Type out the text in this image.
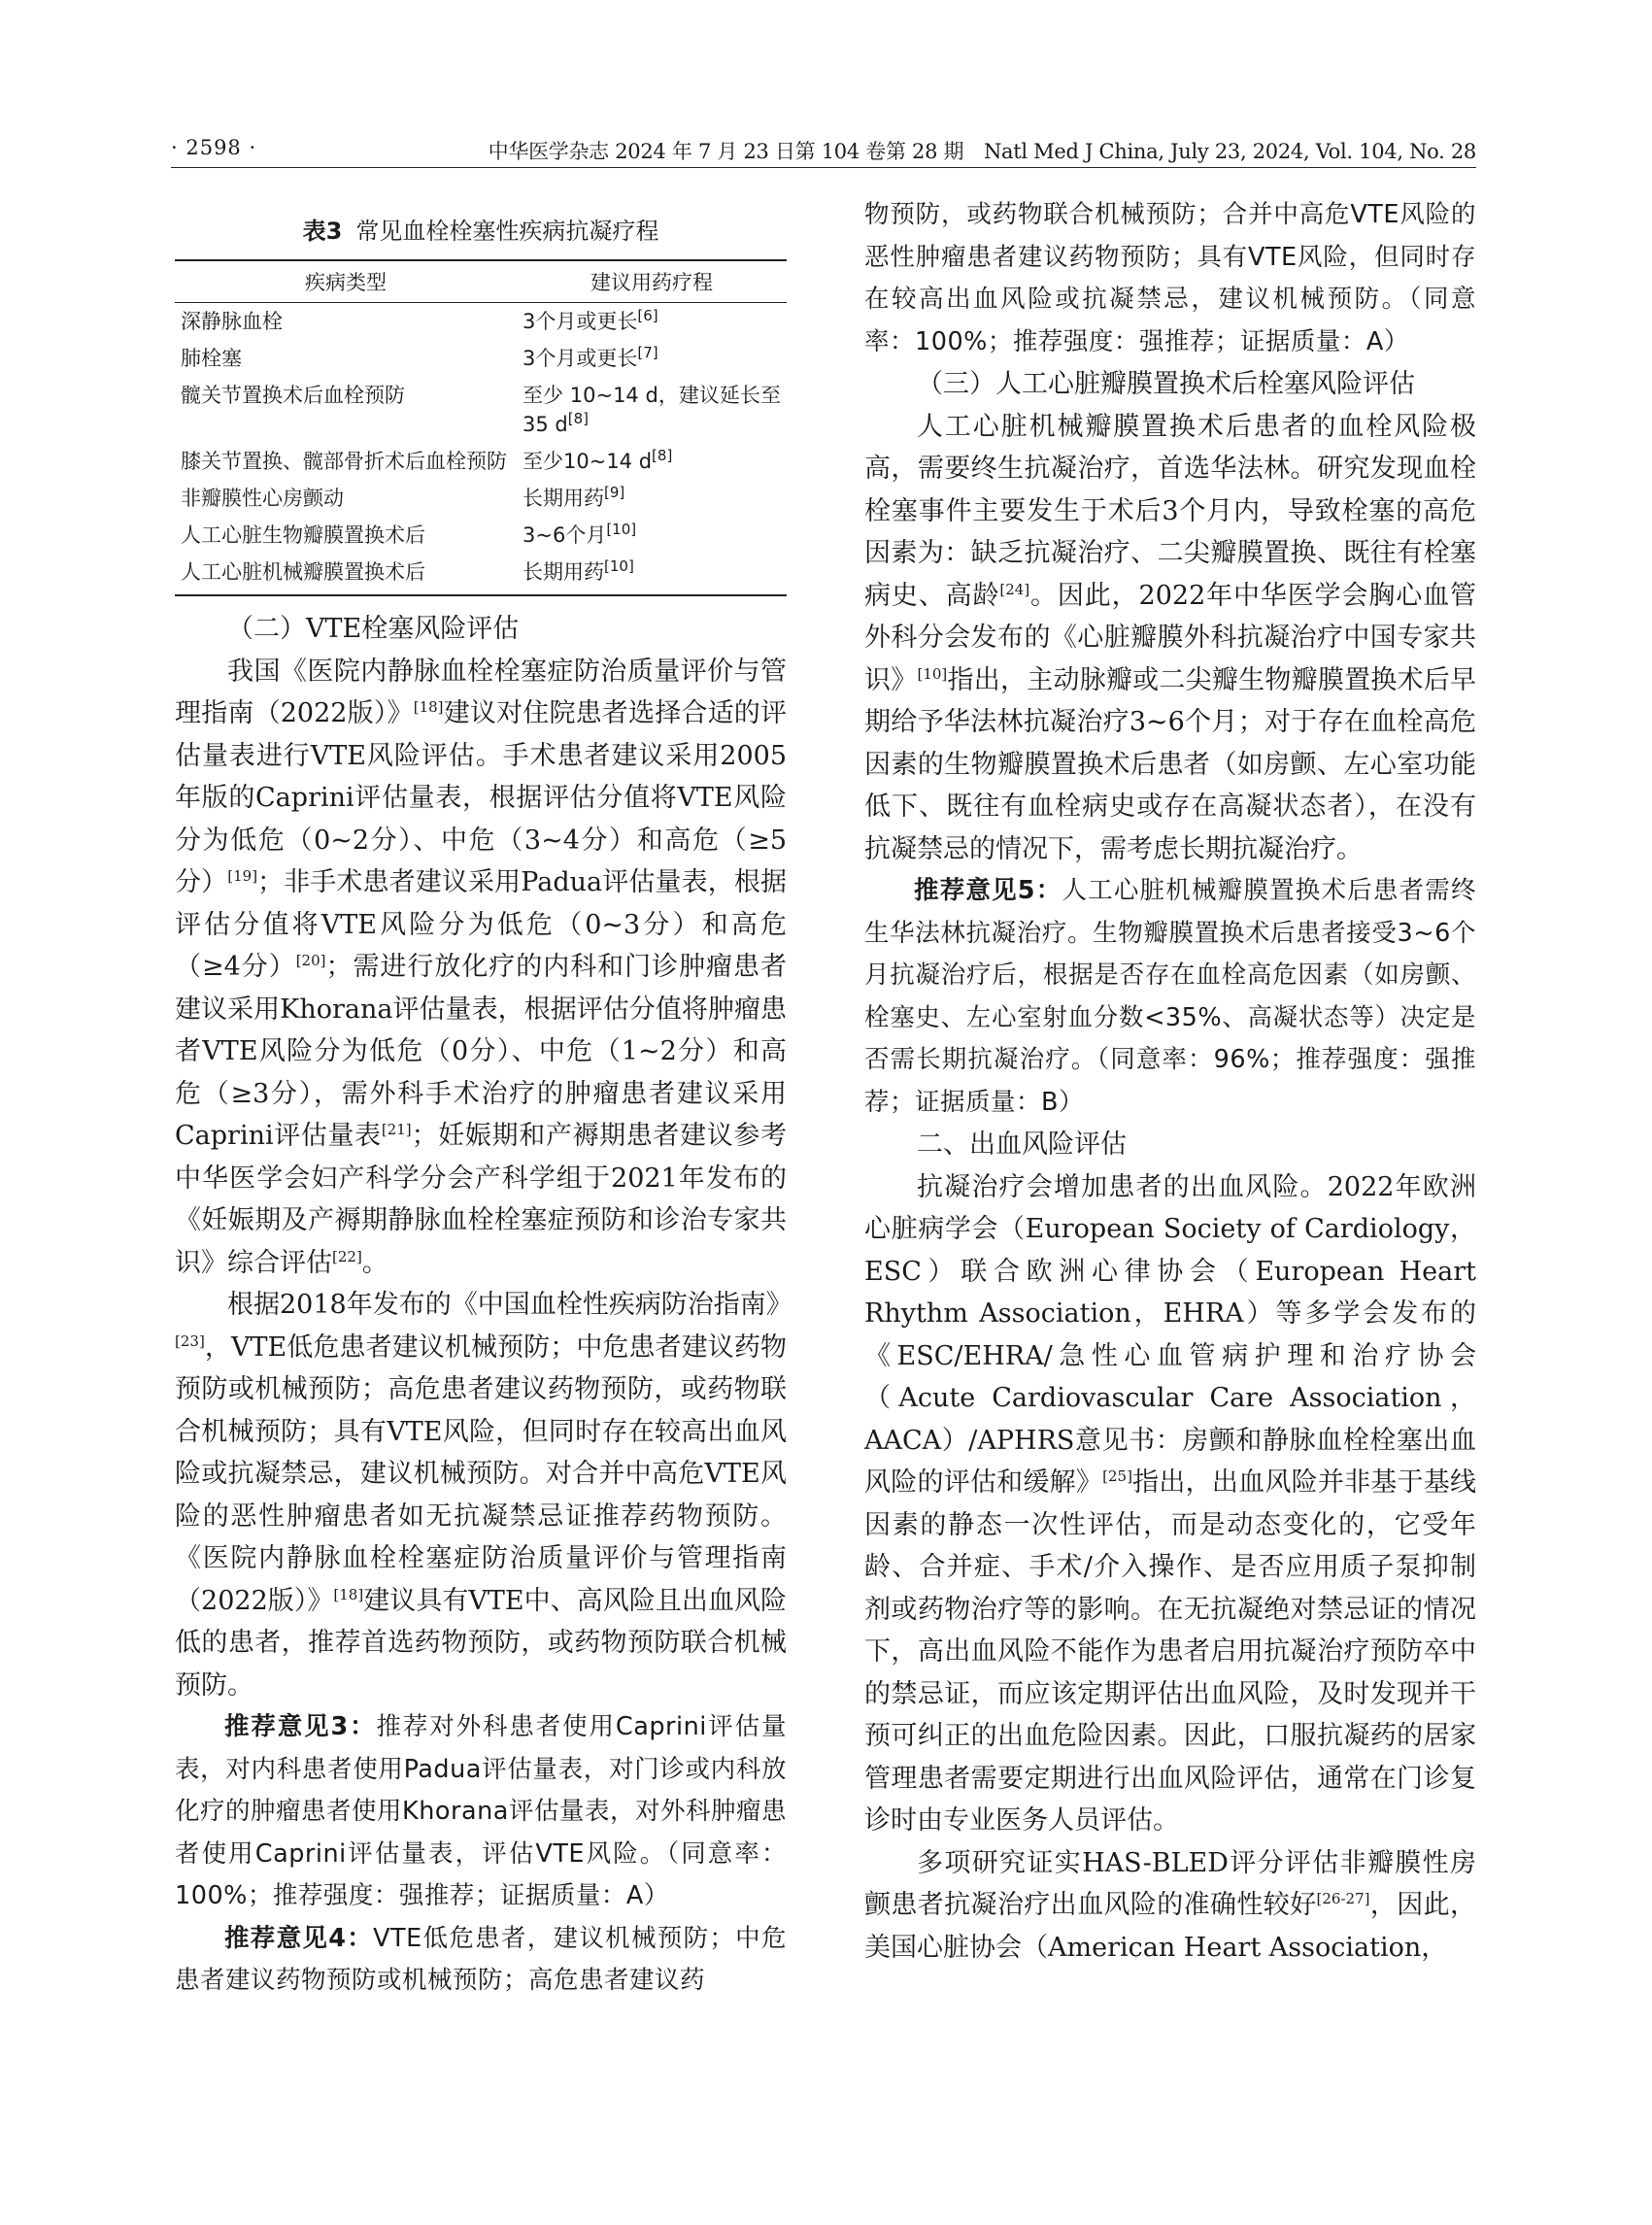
· 2598 ·	中华医学杂志 2024 年 7 月 23 日第 104 卷第 28 期　Natl Med J China, July 23, 2024, Vol. 104, No. 28
表3 常见血栓栓塞性疾病抗凝疗程
疾病类型	建议用药疗程
深静脉血栓	3个月或更长[6]
肺栓塞	3个月或更长[7]
髋关节置换术后血栓预防	至少 10~14 d，建议延长至35 d[8]
膝关节置换、髋部骨折术后血栓预防	至少10~14 d[8]
非瓣膜性心房颤动	长期用药[9]
人工心脏生物瓣膜置换术后	3~6个月[10]
人工心脏机械瓣膜置换术后	长期用药[10]

（二）VTE栓塞风险评估

我国《医院内静脉血栓栓塞症防治质量评价与管理指南（2022版）》[18]建议对住院患者选择合适的评估量表进行VTE风险评估。手术患者建议采用2005年版的Caprini评估量表，根据评估分值将VTE风险分为低危（0~2分）、中危（3~4分）和高危（≥5分）[19]；非手术患者建议采用Padua评估量表，根据评估分值将VTE风险分为低危（0~3分）和高危（≥4分）[20]；需进行放化疗的内科和门诊肿瘤患者建议采用Khorana评估量表，根据评估分值将肿瘤患者VTE风险分为低危（0分）、中危（1~2分）和高危（≥3分），需外科手术治疗的肿瘤患者建议采用Caprini评估量表[21]；妊娠期和产褥期患者建议参考中华医学会妇产科学分会产科学组于2021年发布的《妊娠期及产褥期静脉血栓栓塞症预防和诊治专家共识》综合评估[22]。

根据2018年发布的《中国血栓性疾病防治指南》[23]，VTE低危患者建议机械预防；中危患者建议药物预防或机械预防；高危患者建议药物预防，或药物联合机械预防；具有VTE风险，但同时存在较高出血风险或抗凝禁忌，建议机械预防。对合并中高危VTE风险的恶性肿瘤患者如无抗凝禁忌证推荐药物预防。《医院内静脉血栓栓塞症防治质量评价与管理指南（2022版）》[18]建议具有VTE中、高风险且出血风险低的患者，推荐首选药物预防，或药物预防联合机械预防。

推荐意见3：推荐对外科患者使用Caprini评估量表，对内科患者使用Padua评估量表，对门诊或内科放化疗的肿瘤患者使用Khorana评估量表，对外科肿瘤患者使用Caprini评估量表，评估VTE风险。（同意率：100%；推荐强度：强推荐；证据质量：A）

推荐意见4：VTE低危患者，建议机械预防；中危患者建议药物预防或机械预防；高危患者建议药

物预防，或药物联合机械预防；合并中高危VTE风险的恶性肿瘤患者建议药物预防；具有VTE风险，但同时存在较高出血风险或抗凝禁忌，建议机械预防。（同意率：100%；推荐强度：强推荐；证据质量：A）

（三）人工心脏瓣膜置换术后栓塞风险评估

人工心脏机械瓣膜置换术后患者的血栓风险极高，需要终生抗凝治疗，首选华法林。研究发现血栓栓塞事件主要发生于术后3个月内，导致栓塞的高危因素为：缺乏抗凝治疗、二尖瓣膜置换、既往有栓塞病史、高龄[24]。因此，2022年中华医学会胸心血管外科分会发布的《心脏瓣膜外科抗凝治疗中国专家共识》[10]指出，主动脉瓣或二尖瓣生物瓣膜置换术后早期给予华法林抗凝治疗3~6个月；对于存在血栓高危因素的生物瓣膜置换术后患者（如房颤、左心室功能低下、既往有血栓病史或存在高凝状态者），在没有抗凝禁忌的情况下，需考虑长期抗凝治疗。

推荐意见5：人工心脏机械瓣膜置换术后患者需终生华法林抗凝治疗。生物瓣膜置换术后患者接受3~6个月抗凝治疗后，根据是否存在血栓高危因素（如房颤、栓塞史、左心室射血分数<35%、高凝状态等）决定是否需长期抗凝治疗。（同意率：96%；推荐强度：强推荐；证据质量：B）

二、出血风险评估

抗凝治疗会增加患者的出血风险。2022年欧洲心脏病学会（European Society of Cardiology，ESC）联合欧洲心律协会（European Heart Rhythm Association，EHRA）等多学会发布的《ESC/EHRA/急性心血管病护理和治疗协会（Acute Cardiovascular Care Association，AACA）/APHRS意见书：房颤和静脉血栓栓塞出血风险的评估和缓解》[25]指出，出血风险并非基于基线因素的静态一次性评估，而是动态变化的，它受年龄、合并症、手术/介入操作、是否应用质子泵抑制剂或药物治疗等的影响。在无抗凝绝对禁忌证的情况下，高出血风险不能作为患者启用抗凝治疗预防卒中的禁忌证，而应该定期评估出血风险，及时发现并干预可纠正的出血危险因素。因此，口服抗凝药的居家管理患者需要定期进行出血风险评估，通常在门诊复诊时由专业医务人员评估。

多项研究证实HAS-BLED评分评估非瓣膜性房颤患者抗凝治疗出血风险的准确性较好[26-27]，因此，美国心脏协会（American Heart Association，
